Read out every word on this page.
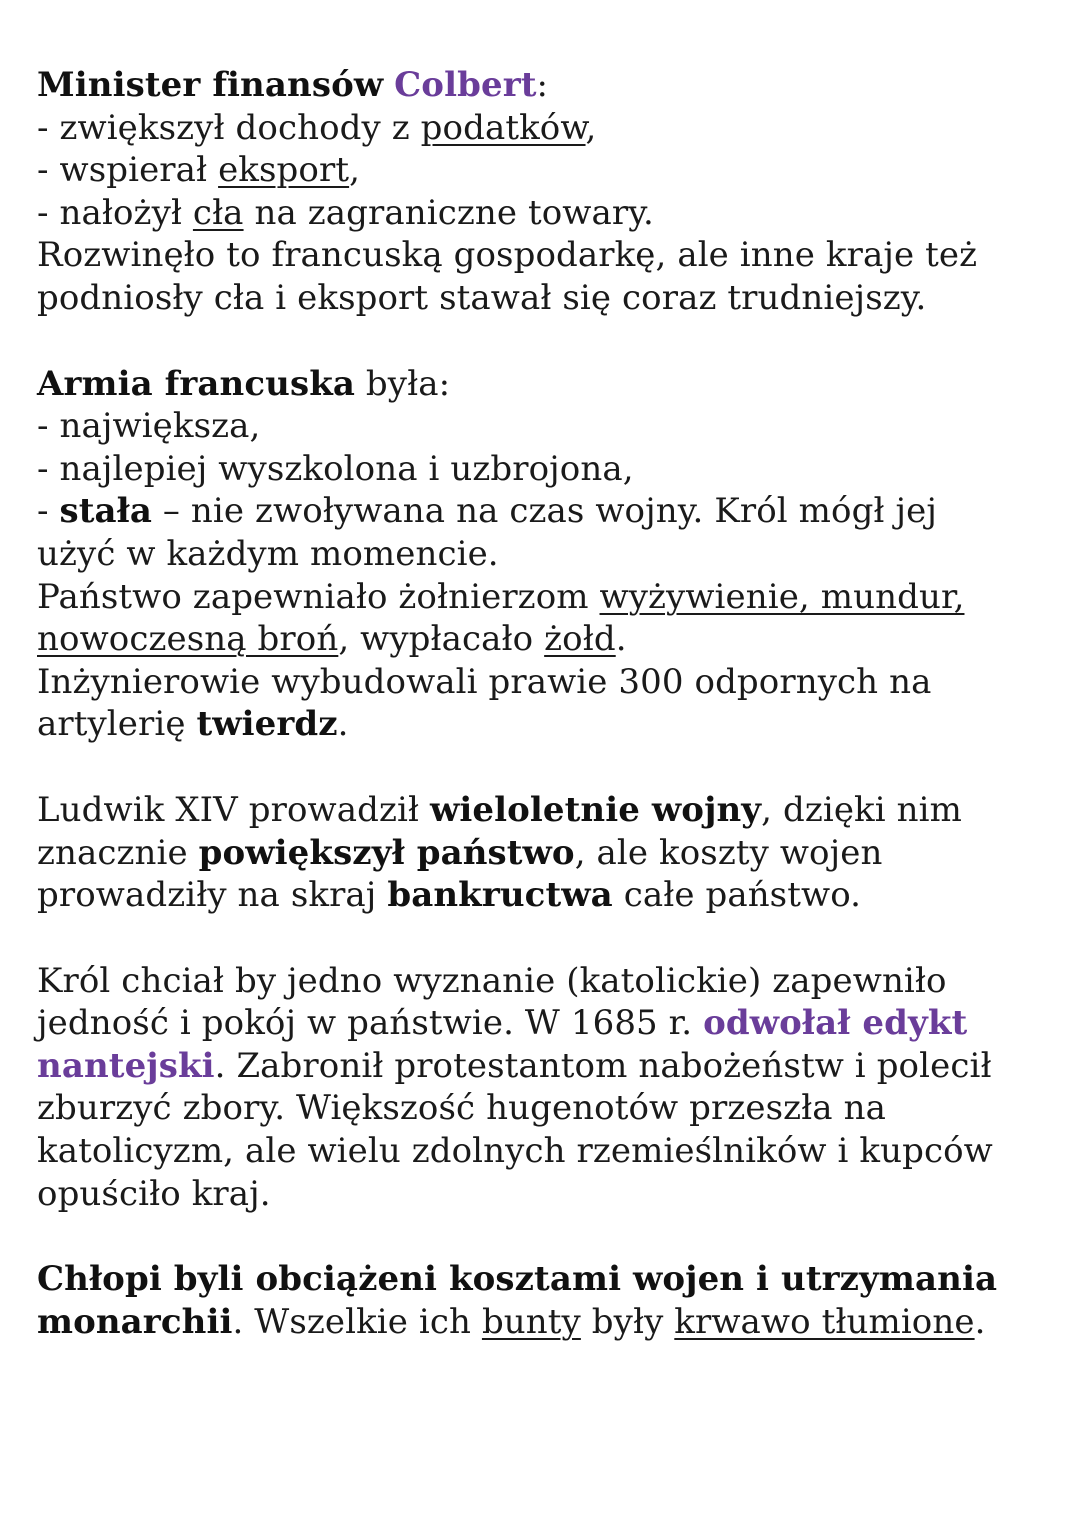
Minister finansów Colbert:
- zwiększył dochody z podatków,
- wspierał eksport,
- nałożył cła na zagraniczne towary.
Rozwinęło to francuską gospodarkę, ale inne kraje też
podniosły cła i eksport stawał się coraz trudniejszy.
Armia francuska była:
- największa,
- najlepiej wyszkolona i uzbrojona,
- stała – nie zwoływana na czas wojny. Król mógł jej
użyć w każdym momencie.
Państwo zapewniało żołnierzom wyżywienie, mundur,
nowoczesną broń, wypłacało żołd.
Inżynierowie wybudowali prawie 300 odpornych na
artylerię twierdz.
Ludwik XIV prowadził wieloletnie wojny, dzięki nim
znacznie powiększył państwo, ale koszty wojen
prowadziły na skraj bankructwa całe państwo.
Król chciał by jedno wyznanie (katolickie) zapewniło
jedność i pokój w państwie. W 1685 r. odwołał edykt
nantejski. Zabronił protestantom nabożeństw i polecił
zburzyć zbory. Większość hugenotów przeszła na
katolicyzm, ale wielu zdolnych rzemieślników i kupców
opuściło kraj.
Chłopi byli obciążeni kosztami wojen i utrzymania
monarchii. Wszelkie ich bunty były krwawo tłumione.
